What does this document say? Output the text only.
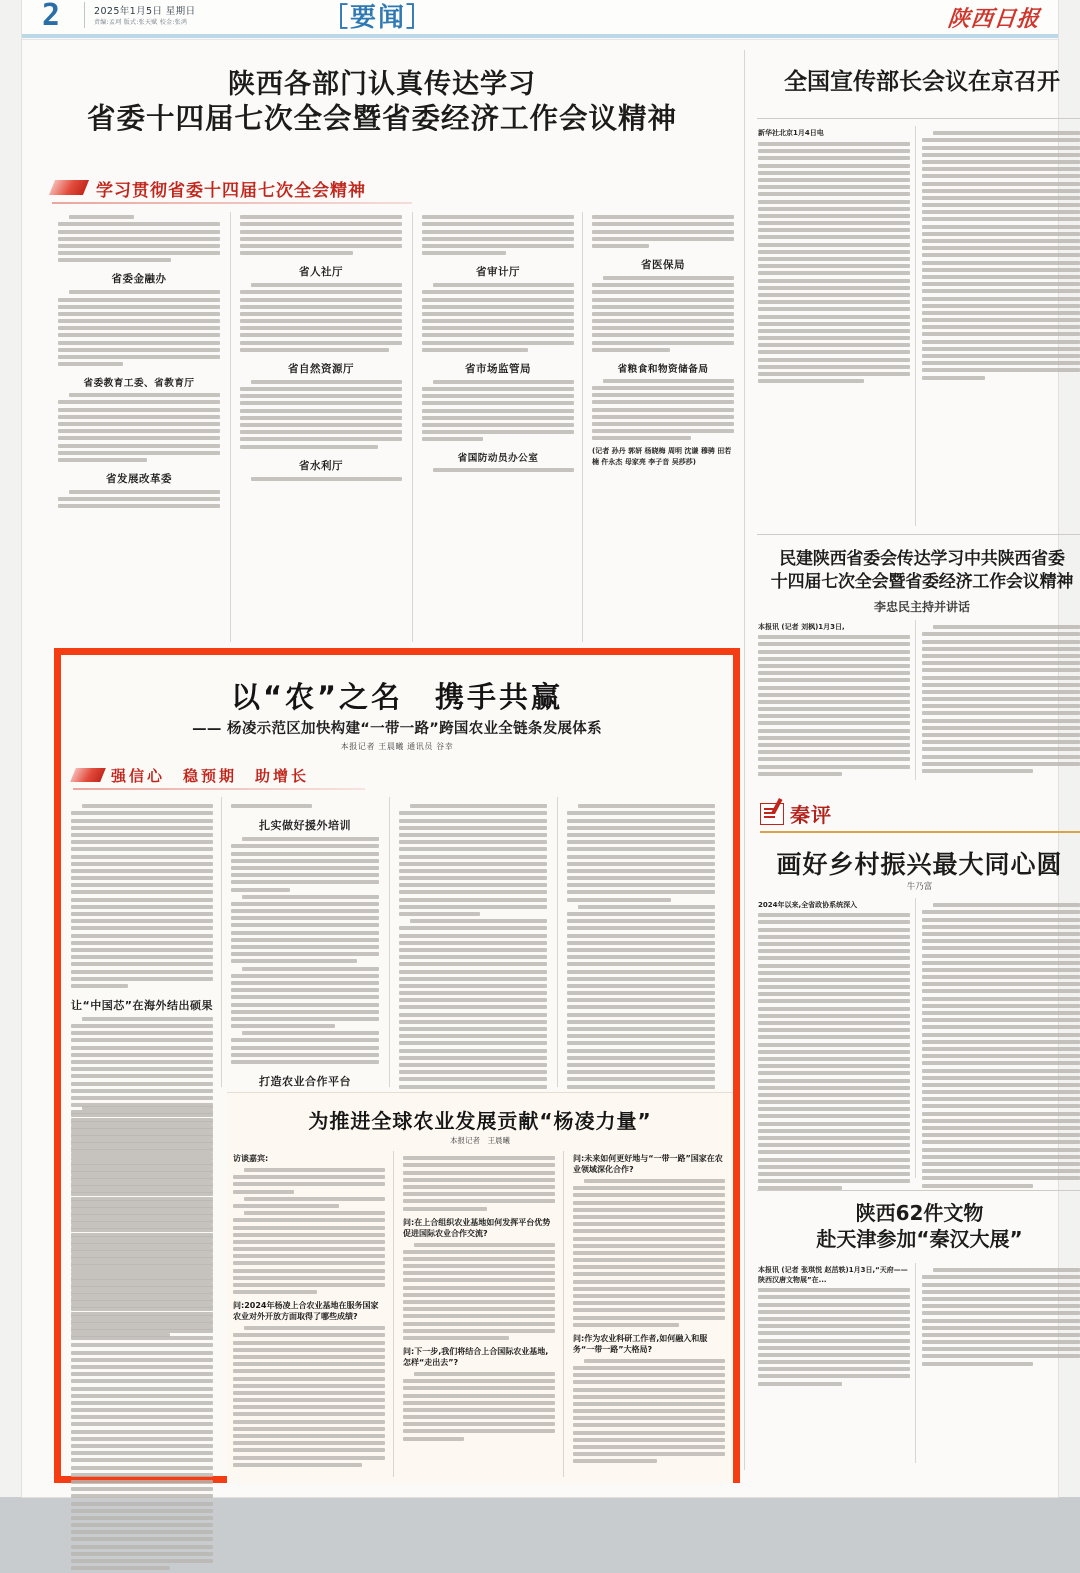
2	2025年1月5日 星期日
责编:孟珂 版式:张天赋 校金:张鸿	［要闻］	陕西日报
陕西各部门认真传达学习
省委十四届七次全会暨省委经济工作会议精神
学习贯彻省委十四届七次全会精神
省委金融办
省委教育工委、省教育厅
省发展改革委
省人社厅
省自然资源厅
省水利厅
省审计厅
省市场监管局
省国防动员办公室
省医保局
省粮食和物资储备局
(记者 孙丹 郭妍 杨晓梅 周明 沈谦 穆骋 田若楠 仵永杰 母家亮 李子音 吴莎莎)
全国宣传部长会议在京召开
新华社北京1月4日电
民建陕西省委会传达学习中共陕西省委
十四届七次全会暨省委经济工作会议精神
李忠民主持并讲话
本报讯 (记者 刘枫)1月3日,
秦评
画好乡村振兴最大同心圆
牛乃富
2024年以来,全省政协系统深入
陕西62件文物
赴天津参加“秦汉大展”
本报讯 (记者 张琪悦 赵茁轶)1月3日,“天府——陕西汉唐文物展”在...
以“农”之名　携手共赢
—— 杨凌示范区加快构建“一带一路”跨国农业全链条发展体系
本报记者 王晨曦 通讯员 谷幸
强信心　稳预期　助增长
让“中国芯”在海外结出硕果
扎实做好援外培训
打造农业合作平台
为推进全球农业发展贡献“杨凌力量”
本报记者　王晨曦
访谈嘉宾:
问:2024年杨凌上合农业基地在服务国家农业对外开放方面取得了哪些成绩?
问:在上合组织农业基地如何发挥平台优势促进国际农业合作交流?
问:下一步,我们将结合上合国际农业基地,怎样“走出去”?
问:未来如何更好地与“一带一路”国家在农业领域深化合作?
问:作为农业科研工作者,如何融入和服务“一带一路”大格局?
